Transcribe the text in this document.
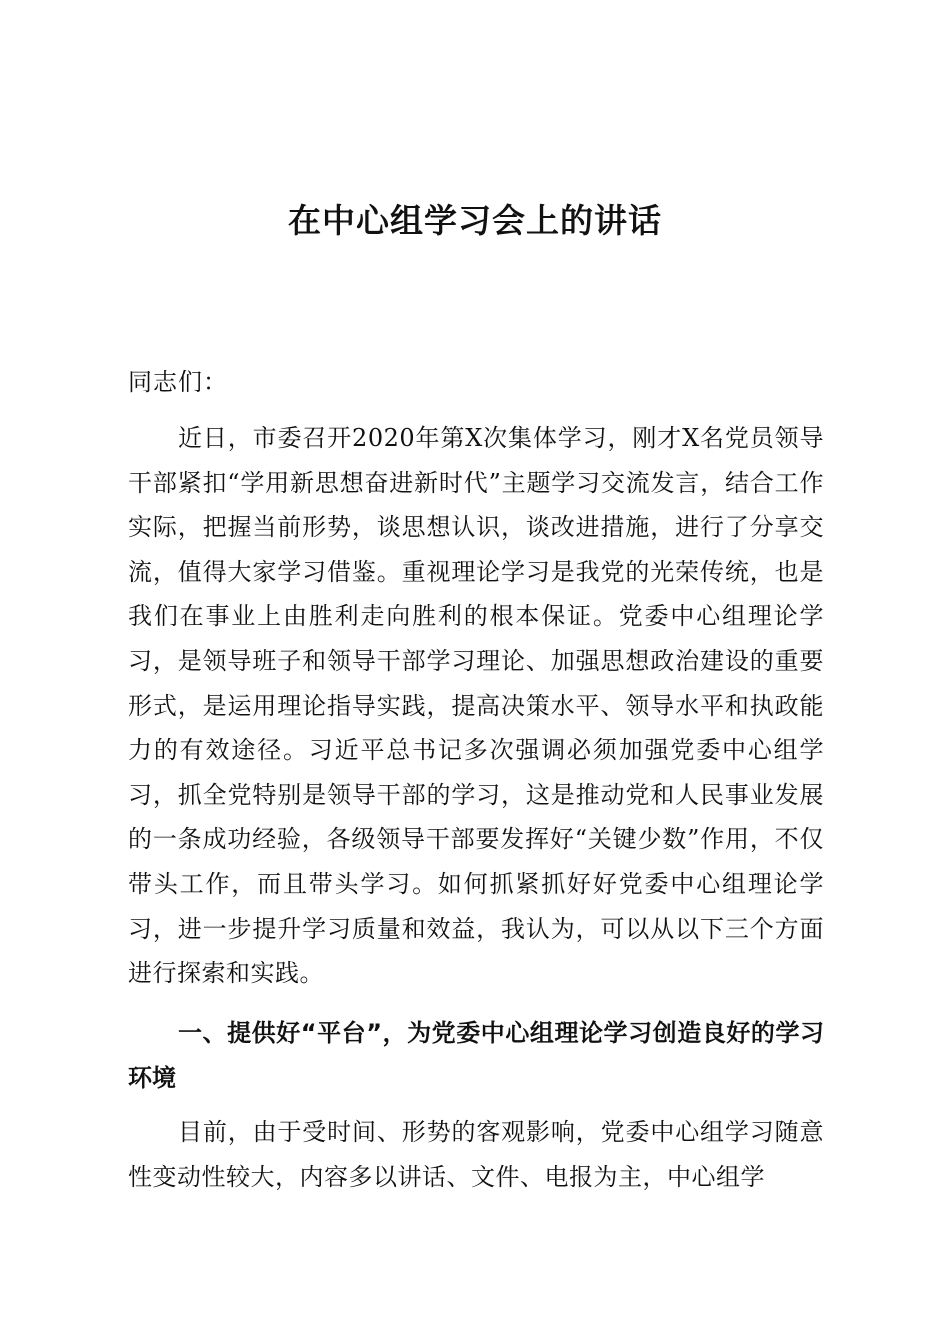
在中心组学习会上的讲话

同志们：

近日，市委召开2020年第X次集体学习，刚才X名党员领导干部紧扣“学用新思想奋进新时代”主题学习交流发言，结合工作实际，把握当前形势，谈思想认识，谈改进措施，进行了分享交流，值得大家学习借鉴。重视理论学习是我党的光荣传统，也是我们在事业上由胜利走向胜利的根本保证。党委中心组理论学习，是领导班子和领导干部学习理论、加强思想政治建设的重要形式，是运用理论指导实践，提高决策水平、领导水平和执政能力的有效途径。习近平总书记多次强调必须加强党委中心组学习，抓全党特别是领导干部的学习，这是推动党和人民事业发展的一条成功经验，各级领导干部要发挥好“关键少数”作用，不仅带头工作，而且带头学习。如何抓紧抓好好党委中心组理论学习，进一步提升学习质量和效益，我认为，可以从以下三个方面进行探索和实践。

一、提供好“平台”，为党委中心组理论学习创造良好的学习环境

目前，由于受时间、形势的客观影响，党委中心组学习随意性变动性较大，内容多以讲话、文件、电报为主，中心组学
